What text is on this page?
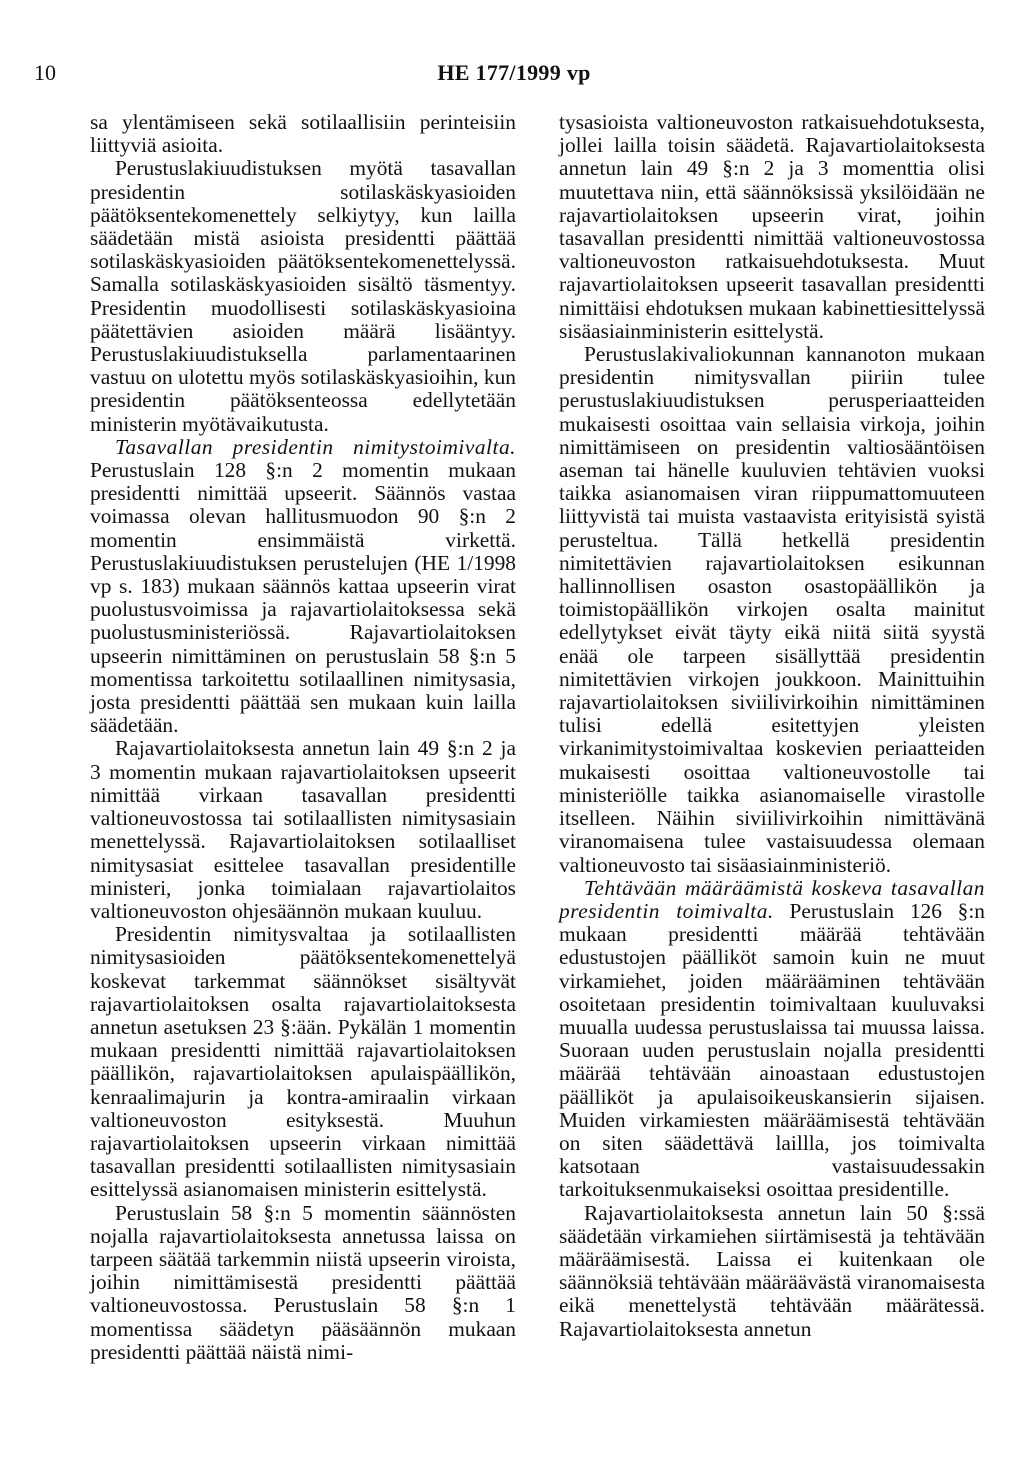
10	HE 177/1999 vp

sa ylentämiseen sekä sotilaallisiin perinteisiin liittyviä asioita.

Perustuslakiuudistuksen myötä tasavallan presidentin sotilaskäskyasioiden päätöksentekomenettely selkiytyy, kun lailla säädetään mistä asioista presidentti päättää sotilaskäskyasioiden päätöksentekomenettelyssä. Samalla sotilaskäskyasioiden sisältö täsmentyy. Presidentin muodollisesti sotilaskäskyasioina päätettävien asioiden määrä lisääntyy. Perustuslakiuudistuksella parlamentaarinen vastuu on ulotettu myös sotilaskäskyasioihin, kun presidentin päätöksenteossa edellytetään ministerin myötävaikutusta.

Tasavallan presidentin nimitystoimivalta. Perustuslain 128 §:n 2 momentin mukaan presidentti nimittää upseerit. Säännös vastaa voimassa olevan hallitusmuodon 90 §:n 2 momentin ensimmäistä virkettä. Perustuslakiuudistuksen perustelujen (HE 1/1998 vp s. 183) mukaan säännös kattaa upseerin virat puolustusvoimissa ja rajavartiolaitoksessa sekä puolustusministeriössä. Rajavartiolaitoksen upseerin nimittäminen on perustuslain 58 §:n 5 momentissa tarkoitettu sotilaallinen nimitysasia, josta presidentti päättää sen mukaan kuin lailla säädetään.

Rajavartiolaitoksesta annetun lain 49 §:n 2 ja 3 momentin mukaan rajavartiolaitoksen upseerit nimittää virkaan tasavallan presidentti valtioneuvostossa tai sotilaallisten nimitysasiain menettelyssä. Rajavartiolaitoksen sotilaalliset nimitysasiat esittelee tasavallan presidentille ministeri, jonka toimialaan rajavartiolaitos valtioneuvoston ohjesäännön mukaan kuuluu.

Presidentin nimitysvaltaa ja sotilaallisten nimitysasioiden päätöksentekomenettelyä koskevat tarkemmat säännökset sisältyvät rajavartiolaitoksen osalta rajavartiolaitoksesta annetun asetuksen 23 §:ään. Pykälän 1 momentin mukaan presidentti nimittää rajavartiolaitoksen päällikön, rajavartiolaitoksen apulaispäällikön, kenraalimajurin ja kontra-amiraalin virkaan valtioneuvoston esityksestä. Muuhun rajavartiolaitoksen upseerin virkaan nimittää tasavallan presidentti sotilaallisten nimitysasiain esittelyssä asianomaisen ministerin esittelystä.

Perustuslain 58 §:n 5 momentin säännösten nojalla rajavartiolaitoksesta annetussa laissa on tarpeen säätää tarkemmin niistä upseerin viroista, joihin nimittämisestä presidentti päättää valtioneuvostossa. Perustuslain 58 §:n 1 momentissa säädetyn pääsäännön mukaan presidentti päättää näistä nimi-

tysasioista valtioneuvoston ratkaisuehdotuksesta, jollei lailla toisin säädetä. Rajavartiolaitoksesta annetun lain 49 §:n 2 ja 3 momenttia olisi muutettava niin, että säännöksissä yksilöidään ne rajavartiolaitoksen upseerin virat, joihin tasavallan presidentti nimittää valtioneuvostossa valtioneuvoston ratkaisuehdotuksesta. Muut rajavartiolaitoksen upseerit tasavallan presidentti nimittäisi ehdotuksen mukaan kabinettiesittelyssä sisäasiainministerin esittelystä.

Perustuslakivaliokunnan kannanoton mukaan presidentin nimitysvallan piiriin tulee perustuslakiuudistuksen perusperiaatteiden mukaisesti osoittaa vain sellaisia virkoja, joihin nimittämiseen on presidentin valtiosääntöisen aseman tai hänelle kuuluvien tehtävien vuoksi taikka asianomaisen viran riippumattomuuteen liittyvistä tai muista vastaavista erityisistä syistä perusteltua. Tällä hetkellä presidentin nimitettävien rajavartiolaitoksen esikunnan hallinnollisen osaston osastopäällikön ja toimistopäällikön virkojen osalta mainitut edellytykset eivät täyty eikä niitä siitä syystä enää ole tarpeen sisällyttää presidentin nimitettävien virkojen joukkoon. Mainittuihin rajavartiolaitoksen siviilivirkoihin nimittäminen tulisi edellä esitettyjen yleisten virkanimitystoimivaltaa koskevien periaatteiden mukaisesti osoittaa valtioneuvostolle tai ministeriölle taikka asianomaiselle virastolle itselleen. Näihin siviilivirkoihin nimittävänä viranomaisena tulee vastaisuudessa olemaan valtioneuvosto tai sisäasiainministeriö.

Tehtävään määräämistä koskeva tasavallan presidentin toimivalta. Perustuslain 126 §:n mukaan presidentti määrää tehtävään edustustojen päälliköt samoin kuin ne muut virkamiehet, joiden määrääminen tehtävään osoitetaan presidentin toimivaltaan kuuluvaksi muualla uudessa perustuslaissa tai muussa laissa. Suoraan uuden perustuslain nojalla presidentti määrää tehtävään ainoastaan edustustojen päälliköt ja apulaisoikeuskansierin sijaisen. Muiden virkamiesten määräämisestä tehtävään on siten säädettävä laillla, jos toimivalta katsotaan vastaisuudessakin tarkoituksenmukaiseksi osoittaa presidentille.

Rajavartiolaitoksesta annetun lain 50 §:ssä säädetään virkamiehen siirtämisestä ja tehtävään määräämisestä. Laissa ei kuitenkaan ole säännöksiä tehtävään määräävästä viranomaisesta eikä menettelystä tehtävään määrätessä. Rajavartiolaitoksesta annetun
